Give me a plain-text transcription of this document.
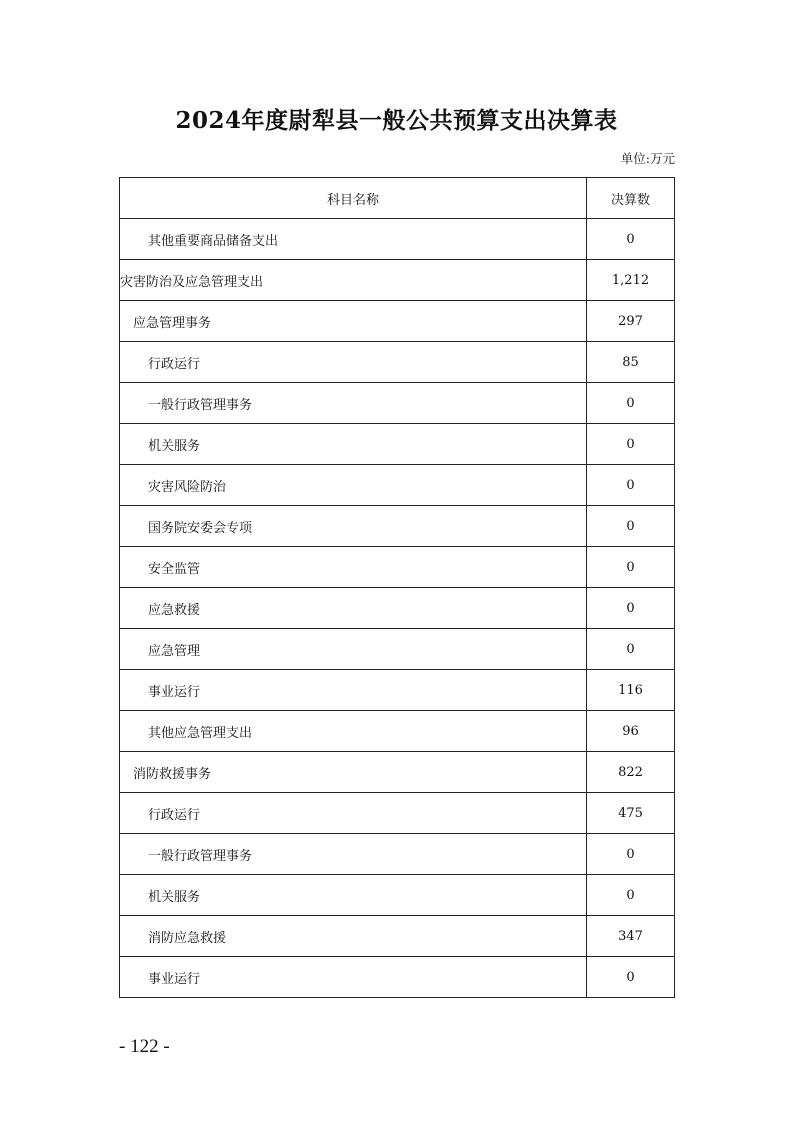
2024年度尉犁县一般公共预算支出决算表
单位:万元
科目名称	决算数
其他重要商品储备支出	0
灾害防治及应急管理支出	1,212
应急管理事务	297
行政运行	85
一般行政管理事务	0
机关服务	0
灾害风险防治	0
国务院安委会专项	0
安全监管	0
应急救援	0
应急管理	0
事业运行	116
其他应急管理支出	96
消防救援事务	822
行政运行	475
一般行政管理事务	0
机关服务	0
消防应急救援	347
事业运行	0
- 122 -
